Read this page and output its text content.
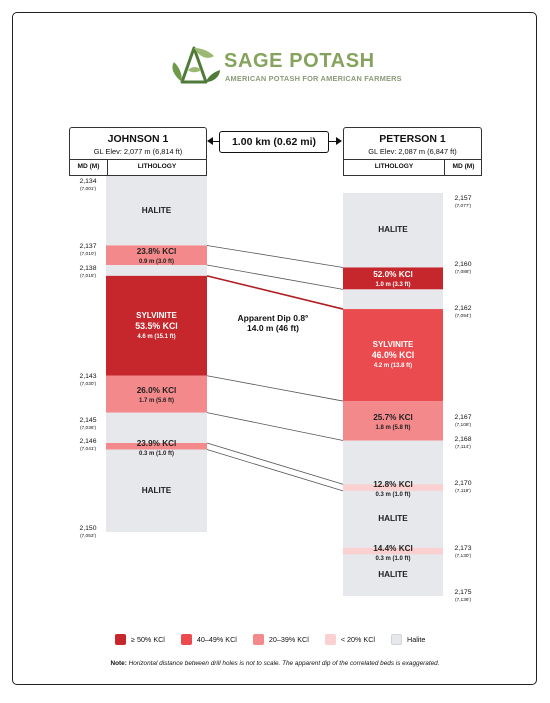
SAGE POTASH
AMERICAN POTASH FOR AMERICAN FARMERS
JOHNSON 1
GL Elev: 2,077 m (6,814 ft)
MD (M)	LITHOLOGY
PETERSON 1
GL Elev: 2,087 m (6,847 ft)
LITHOLOGY	MD (M)
1.00 km (0.62 mi)
HALITE
23.8% KCl
0.9 m (3.0 ft)
SYLVINITE
53.5% KCl
4.6 m (15.1 ft)
26.0% KCl
1.7 m (5.6 ft)
23.9% KCl
0.3 m (1.0 ft)
HALITE
2,134
(7,001')
2,137
(7,010')
2,138
(7,015')
2,143
(7,030')
2,145
(7,036')
2,146
(7,041')
2,150
(7,053')
HALITE
52.0% KCl
1.0 m (3.3 ft)
SYLVINITE
46.0% KCl
4.2 m (13.8 ft)
25.7% KCl
1.8 m (5.8 ft)
12.8% KCl
0.3 m (1.0 ft)
HALITE
14.4% KCl
0.3 m (1.0 ft)
HALITE
2,157
(7,077')
2,160
(7,088')
2,162
(7,094')
2,167
(7,108')
2,168
(7,114')
2,170
(7,119')
2,173
(7,130')
2,175
(7,136')
Apparent Dip 0.8°
14.0 m (46 ft)
≥ 50% KCl	40–49% KCl	20–39% KCl	< 20% KCl	Halite
Note: Horizontal distance between drill holes is not to scale. The apparent dip of the correlated beds is exaggerated.
